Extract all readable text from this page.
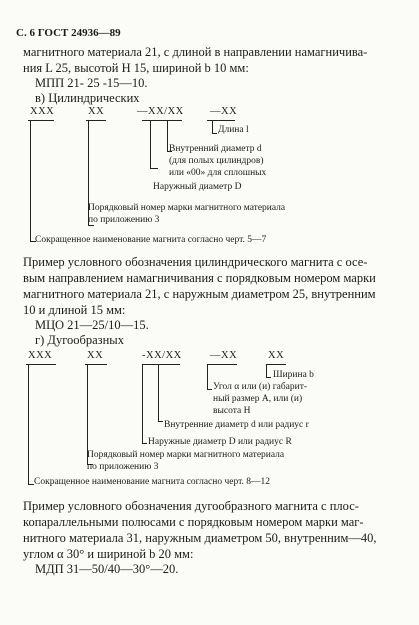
С. 6 ГОСТ 24936—89
магнитного материала 21, с длиной в направлении намагничива-
ния L 25, высотой H 15, шириной b 10 мм:
МПП 21- 25 -15—10.
в) Цилиндрических
XXX	XX	—XX/XX	—XX
Длина l
Внутренний диаметр d
(для полых цилиндров)
или «00» для сплошных
Наружный диаметр D
Порядковый номер марки магнитного материала
по приложению 3
Сокращенное наименование магнита согласно черт. 5—7
Пример условного обозначения цилиндрического магнита с осе-
вым направлением намагничивания с порядковым номером марки
магнитного материала 21, с наружным диаметром 25, внутренним
10 и длиной 15 мм:
МЦО 21—25/10—15.
г) Дугообразных
XXX	XX	-XX/XX	—XX	XX
Ширина b
Угол α или (и) габарит-
ный размер A, или (и)
высота H
Внутренние диаметр d или радиус r
Наружные диаметр D или радиус R
Порядковый номер марки магнитного материала
по приложению 3
Сокращенное наименование магнита согласно черт. 8—12
Пример условного обозначения дугообразного магнита с плос-
копараллельными полюсами с порядковым номером марки маг-
нитного материала 31, наружным диаметром 50, внутренним—40,
углом α 30° и шириной b 20 мм:
МДП 31—50/40—30°—20.
